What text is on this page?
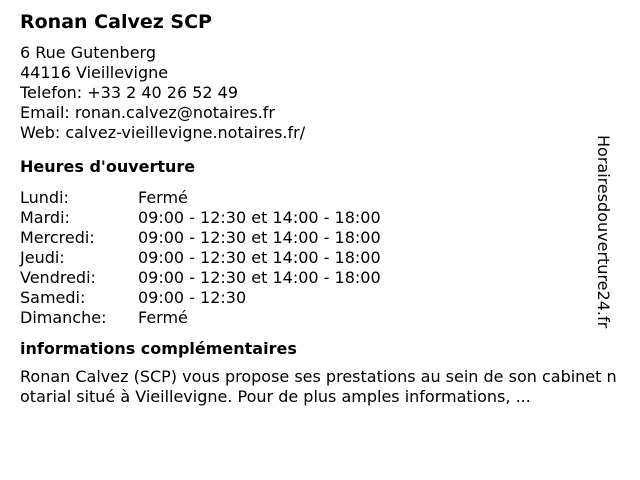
Ronan Calvez SCP
6 Rue Gutenberg
44116 Vieillevigne
Telefon: +33 2 40 26 52 49
Email: ronan.calvez@notaires.fr
Web: calvez-vieillevigne.notaires.fr/
Heures d'ouverture
Lundi:	Fermé
Mardi:	09:00 - 12:30 et 14:00 - 18:00
Mercredi:	09:00 - 12:30 et 14:00 - 18:00
Jeudi:	09:00 - 12:30 et 14:00 - 18:00
Vendredi:	09:00 - 12:30 et 14:00 - 18:00
Samedi:	09:00 - 12:30
Dimanche:	Fermé
informations complémentaires
Ronan Calvez (SCP) vous propose ses prestations au sein de son cabinet notarial situé à Vieillevigne. Pour de plus amples informations, ...
Horairesdouverture24.fr
